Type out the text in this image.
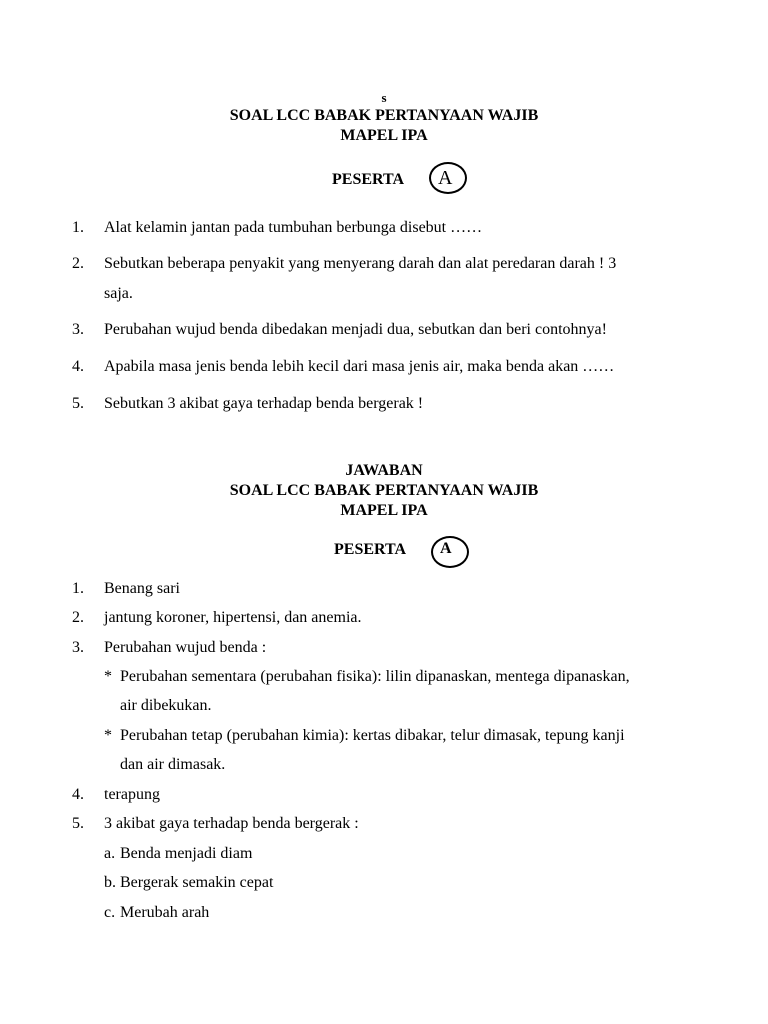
s
SOAL LCC BABAK PERTANYAAN WAJIB
MAPEL IPA
PESERTA A
1. Alat kelamin jantan pada tumbuhan berbunga disebut ……
2. Sebutkan beberapa penyakit yang menyerang darah dan alat peredaran darah ! 3
saja.
3. Perubahan wujud benda dibedakan menjadi dua, sebutkan dan beri contohnya!
4. Apabila masa jenis benda lebih kecil dari masa jenis air, maka benda akan ……
5. Sebutkan 3 akibat gaya terhadap benda bergerak !
JAWABAN
SOAL LCC BABAK PERTANYAAN WAJIB
MAPEL IPA
PESERTA A
1. Benang sari
2. jantung koroner, hipertensi, dan anemia.
3. Perubahan wujud benda :
* Perubahan sementara (perubahan fisika): lilin dipanaskan, mentega dipanaskan,
air dibekukan.
* Perubahan tetap (perubahan kimia): kertas dibakar, telur dimasak, tepung kanji
dan air dimasak.
4. terapung
5. 3 akibat gaya terhadap benda bergerak :
a. Benda menjadi diam
b. Bergerak semakin cepat
c. Merubah arah
